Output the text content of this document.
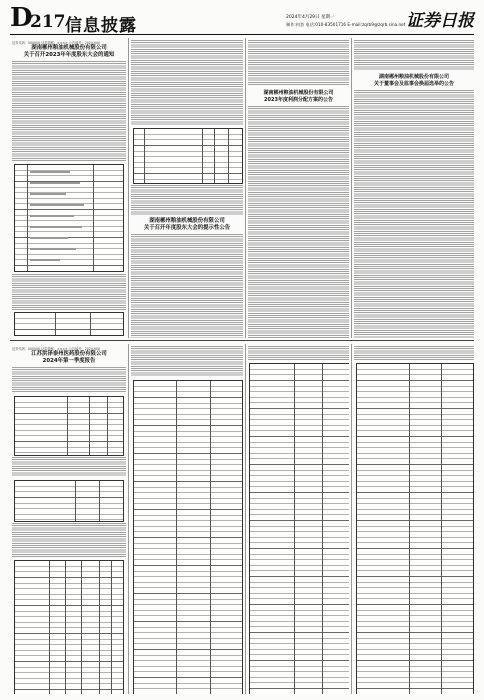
D
217 信息披露	2024年4月29日 星期一
制作:何荟 电话:010-83501716 E-mail:zqrb9@zqrb.sina.net 证券日报
证券代码：000000 证券简称：×××× 公告编号：2024-000
湖南郴州粮油机械股份有限公司
关于召开2023年年度股东大会的通知
湖南郴州粮油机械股份有限公司
关于召开年度股东大会的提示性公告
湖南郴州粮油机械股份有限公司
2023年度利润分配方案的公告
湖南郴州粮油机械股份有限公司
关于董事会及监事会换届选举的公告
证券代码：000000 证券简称：×××× 公告编号：2024-000
江苏洪泽泰州医药股份有限公司
2024年第一季度报告
